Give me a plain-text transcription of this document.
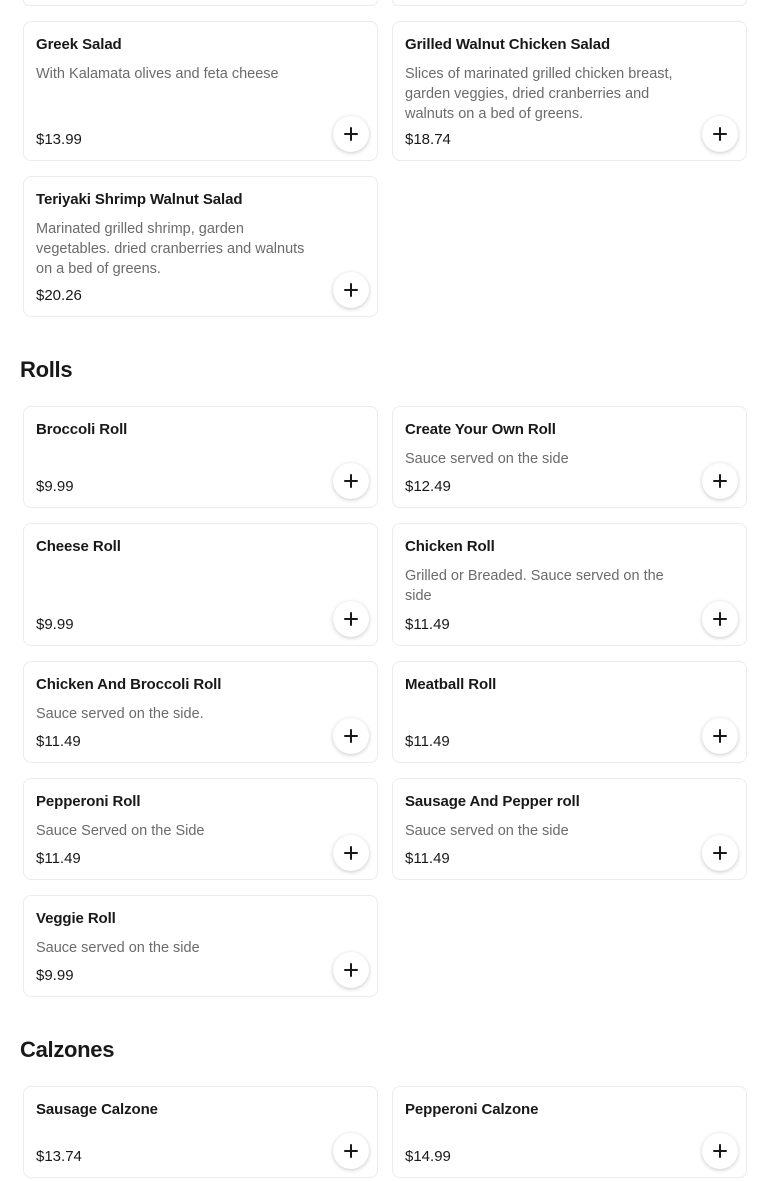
Greek Salad
With Kalamata olives and feta cheese
$13.99
Grilled Walnut Chicken Salad
Slices of marinated grilled chicken breast, garden veggies, dried cranberries and walnuts on a bed of greens.
$18.74
Teriyaki Shrimp Walnut Salad
Marinated grilled shrimp, garden vegetables. dried cranberries and walnuts on a bed of greens.
$20.26
Rolls
Broccoli Roll
$9.99
Create Your Own Roll
Sauce served on the side
$12.49
Cheese Roll
$9.99
Chicken Roll
Grilled or Breaded. Sauce served on the side
$11.49
Chicken And Broccoli Roll
Sauce served on the side.
$11.49
Meatball Roll
$11.49
Pepperoni Roll
Sauce Served on the Side
$11.49
Sausage And Pepper roll
Sauce served on the side
$11.49
Veggie Roll
Sauce served on the side
$9.99
Calzones
Sausage Calzone
$13.74
Pepperoni Calzone
$14.99
